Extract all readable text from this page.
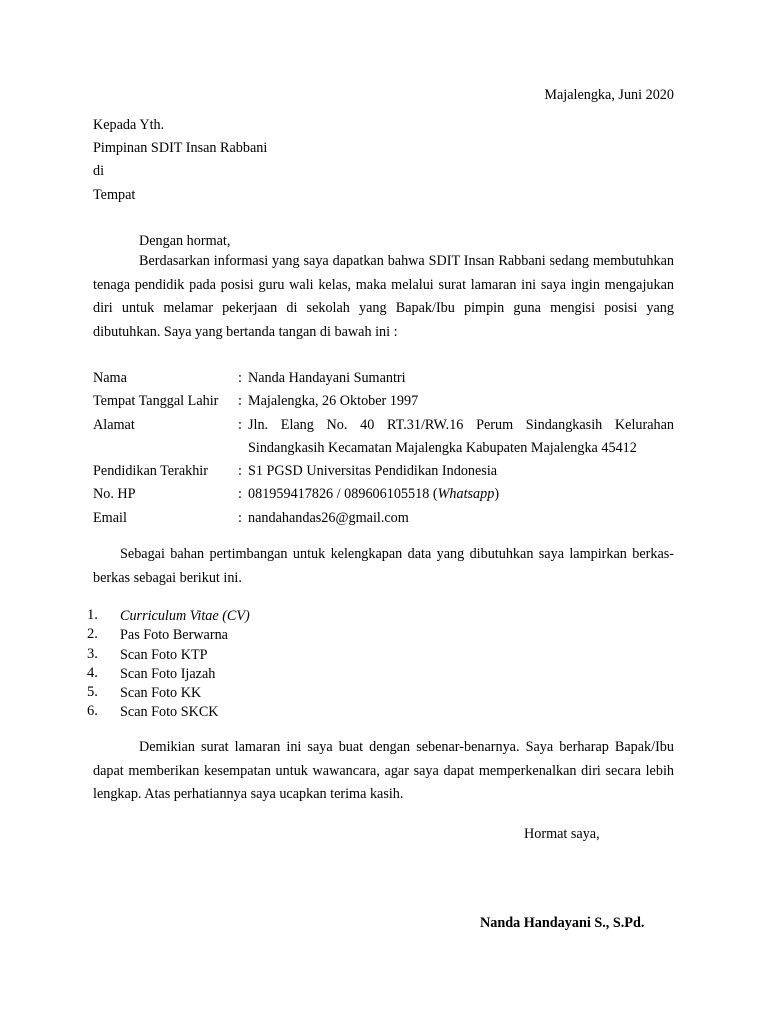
Majalengka, Juni 2020
Kepada Yth.
Pimpinan SDIT Insan Rabbani
di
Tempat
Dengan hormat,
Berdasarkan informasi yang saya dapatkan bahwa SDIT Insan Rabbani sedang membutuhkan
tenaga pendidik pada posisi guru wali kelas, maka melalui surat lamaran ini saya ingin mengajukan
diri untuk melamar pekerjaan di sekolah yang Bapak/Ibu pimpin guna mengisi posisi yang
dibutuhkan. Saya yang bertanda tangan di bawah ini :
Nama	: Nanda Handayani Sumantri
Tempat Tanggal Lahir : Majalengka, 26 Oktober 1997
Alamat	: Jln. Elang No. 40 RT.31/RW.16 Perum Sindangkasih Kelurahan
Sindangkasih Kecamatan Majalengka Kabupaten Majalengka 45412
Pendidikan Terakhir : S1 PGSD Universitas Pendidikan Indonesia
No. HP	: 081959417826 / 089606105518 (Whatsapp)
Email	: nandahandas26@gmail.com
Sebagai bahan pertimbangan untuk kelengkapan data yang dibutuhkan saya lampirkan berkas-
berkas sebagai berikut ini.
1. Curriculum Vitae (CV)
2. Pas Foto Berwarna
3. Scan Foto KTP
4. Scan Foto Ijazah
5. Scan Foto KK
6. Scan Foto SKCK
Demikian surat lamaran ini saya buat dengan sebenar-benarnya. Saya berharap Bapak/Ibu
dapat memberikan kesempatan untuk wawancara, agar saya dapat memperkenalkan diri secara lebih
lengkap. Atas perhatiannya saya ucapkan terima kasih.
Hormat saya,
Nanda Handayani S., S.Pd.
